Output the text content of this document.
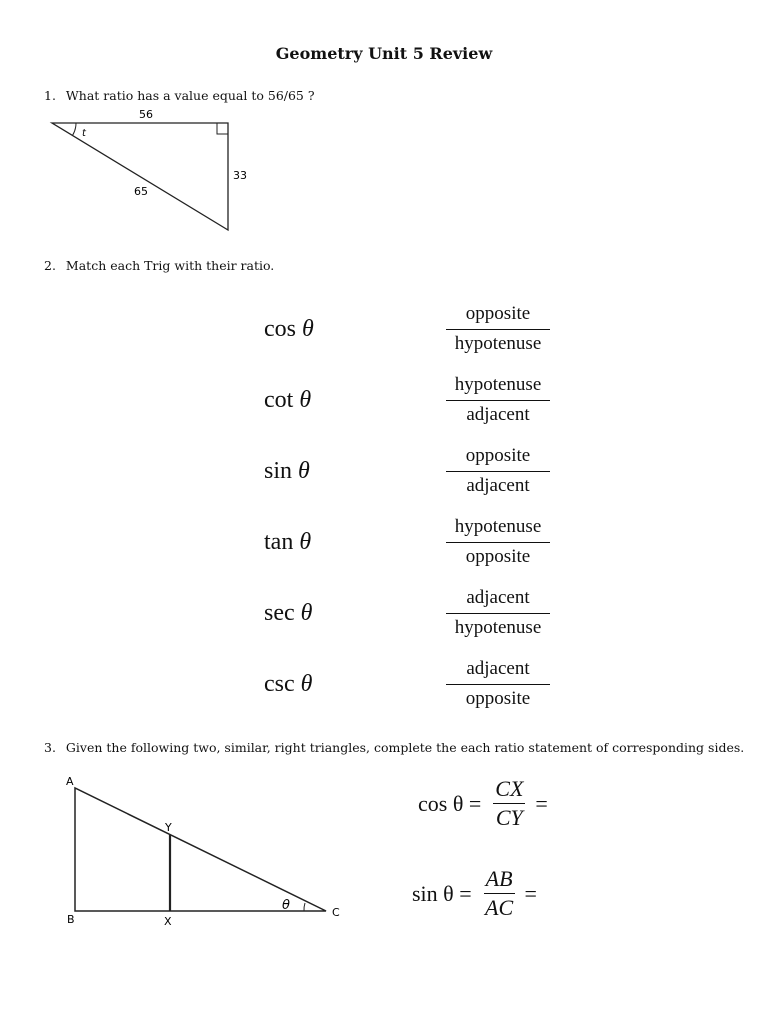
Geometry Unit 5 Review
1. What ratio has a value equal to 56/65 ?
56
33
65
t
2. Match each Trig with their ratio.
cos θ
cot θ
sin θ
tan θ
sec θ
csc θ
opposite
hypotenuse
hypotenuse
adjacent
opposite
adjacent
hypotenuse
opposite
adjacent
hypotenuse
adjacent
opposite
3. Given the following two, similar, right triangles, complete the each ratio statement of corresponding sides.
A
B	X
Y
C
θ
$\cos \theta = \frac{CX}{CY}$ =
$\sin \theta = \frac{AB}{AC}$ =
